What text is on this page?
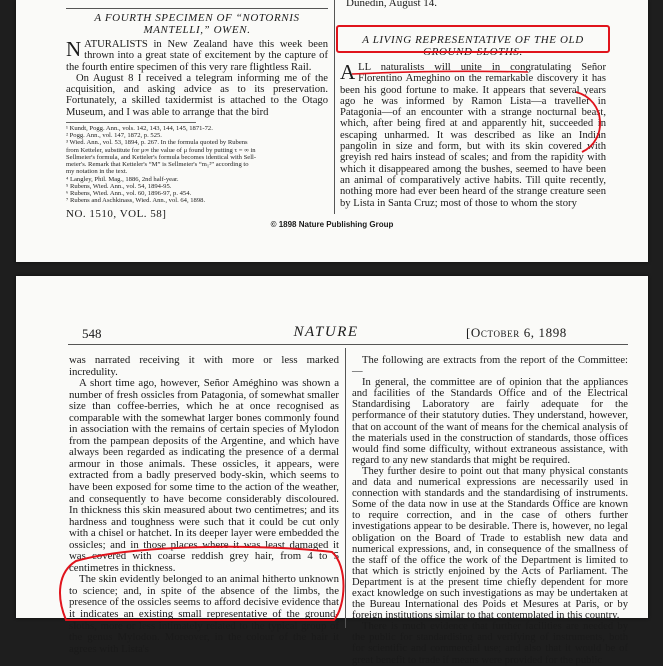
Dunedin, August 14.
A FOURTH SPECIMEN OF “NOTORNIS
MANTELLI,” OWEN.

NATURALISTS in New Zealand have this week been thrown into a great state of excitement by the capture of the fourth entire specimen of this very rare flightless Rail.

On August 8 I received a telegram informing me of the acquisition, and asking advice as to its preservation. Fortunately, a skilled taxidermist is attached to the Otago Museum, and I was able to arrange that the bird

¹ Kundt, Pogg. Ann., vols. 142, 143, 144, 145, 1871-72.
² Pogg. Ann., vol. 147, 1872, p. 525.
³ Wied. Ann., vol. 53, 1894, p. 267. In the formula quoted by Rubens
from Ketteler, substitute for μ∞ the value of μ found by putting τ = ∞ in
Sellmeier's formula, and Ketteler's formula becomes identical with Sell-
meier's. Remark that Ketteler's “M” is Sellmeier's “m₁²” according to
my notation in the text.
⁴ Langley, Phil. Mag., 1886, 2nd half-year.
⁵ Rubens, Wied. Ann., vol. 54, 1894-95.
⁶ Rubens, Wied. Ann., vol. 60, 1896-97, p. 454.
⁷ Rubens and Aschkinass, Wied. Ann., vol. 64, 1898.
NO. 1510, VOL. 58]
A LIVING REPRESENTATIVE OF THE OLD
GROUND-SLOTHS.

ALL naturalists will unite in congratulating Señor Florentino Ameghino on the remarkable discovery it has been his good fortune to make. It appears that several years ago he was informed by Ramon Lista—a traveller in Patagonia—of an encounter with a strange nocturnal beast, which, after being fired at and apparently hit, succeeded in escaping unharmed. It was described as like an Indian pangolin in size and form, but with its skin covered with greyish red hairs instead of scales; and from the rapidity with which it disappeared among the bushes, seemed to have been an animal of comparatively active habits. Till quite recently, nothing more had ever been heard of the strange creature seen by Lista in Santa Cruz; most of those to whom the story

© 1898 Nature Publishing Group
548	NATURE	[October 6, 1898

was narrated receiving it with more or less marked incredulity.

A short time ago, however, Señor Améghino was shown a number of fresh ossicles from Patagonia, of somewhat smaller size than coffee-berries, which he at once recognised as comparable with the somewhat larger bones commonly found in association with the remains of certain species of Mylodon from the pampean deposits of the Argentine, and which have always been regarded as indicating the presence of a dermal armour in those animals. These ossicles, it appears, were extracted from a badly preserved body-skin, which seems to have been exposed for some time to the action of the weather, and consequently to have become considerably discoloured. In thickness this skin measured about two centimetres; and its hardness and toughness were such that it could be cut only with a chisel or hatchet. In its deeper layer were embedded the ossicles; and in those places where it was least damaged it was covered with coarse reddish grey hair, from 4 to 5 centimetres in thickness.

The skin evidently belonged to an animal hitherto unknown to science; and, in spite of the absence of the limbs, the presence of the ossicles seems to afford decisive evidence that it indicates an existing small representative of the ground-sloths, more or less intimately related to the typical group of the genus Mylodon. Moreover, in the colour of the hair it agrees with Lista's

The following are extracts from the report of the Committee:—

In general, the committee are of opinion that the appliances and facilities of the Standards Office and of the Electrical Standardising Laboratory are fairly adequate for the performance of their statutory duties. They understand, however, that on account of the want of means for the chemical analysis of the materials used in the construction of standards, those offices would find some difficulty, without extraneous assistance, with regard to any new standards that might be required.

They further desire to point out that many physical constants and data and numerical expressions are necessarily used in connection with standards and the standardising of instruments. Some of the data now in use at the Standards Office are known to require correction, and in the case of others further investigations appear to be desirable. There is, however, no legal obligation on the Board of Trade to establish new data and numerical expressions, and, in consequence of the smallness of the staff of the office the work of the Department is limited to that which is strictly enjoined by the Acts of Parliament. The Department is at the present time chiefly dependent for more exact knowledge on such investigations as may be undertaken at the Bureau International des Poids et Mesures at Paris, or by foreign institutions similar to that contemplated in this country.

There is much evidence that further facilities are needed by the public for standardising and verifying of instruments, both for scientific and commercial use; and also that it would be of great benefit to trade if means were provided for the public
